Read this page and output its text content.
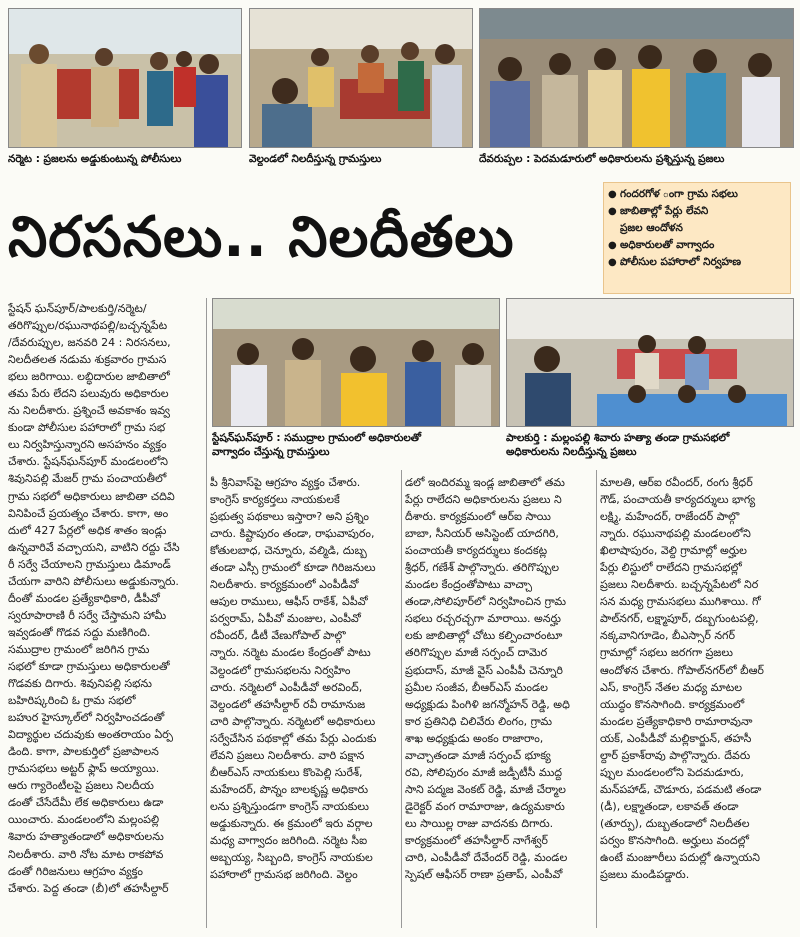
నర్మెట : ప్రజలను అడ్డుకుంటున్న పోలీసులు	వెల్దండలో నిలదీస్తున్న గ్రామస్తులు	దేవరుప్పల : పెదమడూరులో అధికారులను ప్రశ్నిస్తున్న ప్రజలు
నిరసనలు.. నిలదీతలు
● గందరగోళ ంగా గ్రామ సభలు
● జాబితాల్లో పేర్లు లేవని
ప్రజల ఆందోళన
● అధికారులతో వాగ్వాదం
● పోలీసుల పహారాలో నిర్వహణ
స్టేషన్‌ఘన్‌పూర్ : సముద్రాల గ్రామంలో అధికారులతో
వాగ్వాదం చేస్తున్న గ్రామస్తులు
పాలకుర్తి : మల్లంపల్లి శివారు హత్యా తండా గ్రామసభలో
అధికారులను నిలదీస్తున్న ప్రజలు

స్టేషన్ ఘన్‌పూర్/పాలకుర్తి/నర్మెట/

తరిగొప్పుల/రఘునాథపల్లి/బచ్చన్నపేట

/దేవరుప్పుల, జనవరి 24 : నిరసనలు,

నిలదీతలత నడుమ శుక్రవారం గ్రామస

భలు జరిగాయి. లబ్ధిదారుల జాబితాలో

తమ పేరు లేదని పలువురు అధికారుల

ను నిలదీశారు. ప్రశ్నించే అవకాశం ఇవ్వ

కుండా పోలీసుల పహారాలో గ్రామ సభ

లు నిర్వహిస్తున్నారని అసహనం వ్యక్తం

చేశారు. స్టేషన్‌ఘన్‌పూర్ మండలంలోని

శివునిపల్లి మేజర్ గ్రామ పంచాయతీలో

గ్రామ సభలో అధికారులు జాబితా చదివి

వినిపించే ప్రయత్నం చేశారు. కాగా, అం

దులో 427 పేర్లలో అధిక శాతం ఇండ్లు

ఉన్నవారివే వచ్చాయని, వాటిని రద్దు చేసి

రీ సర్వే చేయాలని గ్రామస్తులు డిమాండ్

చేయగా వారిని పోలీసులు అడ్డుకున్నారు.

దీంతో మండల ప్రత్యేకాధికారి, డీపీవో

స్వరూపారాణి రీ సర్వే చేస్తామని హామీ

ఇవ్వడంతో గొడవ సద్దు మణిగింది.

సముద్రాల గ్రామంలో జరిగిన గ్రామ

సభలో కూడా గ్రామస్తులు అధికారులతో

గొడవకు దిగారు. శివునిపల్లి సభను

బహిరిష్కరించి ఓ గ్రామ సభలో

బహుర హైస్కూల్‌లో నిర్వహించడంతో

విద్యార్థుల చదువుకు అంతరాయం ఏర్ప

డింది. కాగా, పాలకుర్తిలో ప్రజాపాలన

గ్రామసభలు అట్టర్ ఫ్లాప్ అయ్యాయి.

ఆరు గ్యారెంటీలపై ప్రజలు నిలదీయ

డంతో చేసేదేమీ లేక అధికారులు ఉడా

యించారు. మండలంలోని మల్లంపల్లి

శివారు హత్యాతండాలో అధికారులను

నిలదీశారు. వారి నోట మాట రాకపోవ

డంతో గిరిజనులు ఆగ్రహం వ్యక్తం

చేశారు. పెద్ద తండా (బీ)లో తహసీల్దార్

పీ శ్రీనివాస్‌పై ఆగ్రహం వ్యక్తం చేశారు.

కాంగ్రెస్ కార్యకర్తలు నాయకులకే

ప్రభుత్వ పథకాలు ఇస్తారా? అని ప్రశ్నిం

చారు. కిష్టాపురం తండా, రాఘవాపురం,

కోతులబాధ, చెన్నూరు, వల్మిడి, దుబ్బ

తండా ఎస్సీ గ్రామంలో కూడా గిరిజనులు

నిలదీశారు. కార్యక్రమంలో ఎంపీడీవో

ఆపుల రాములు, ఆఫీస్ రాకేశ్, ఏపీవో

పర్వరామ్, ఏపీవో మంజుల, ఎంపీవో

రవీందర్, డీటీ వేణుగోపాల్ పాల్గొ

న్నారు. నర్మెట మండల కేంద్రంతో పాటు

వెల్దండలో గ్రామసభలను నిర్వహిం

చారు. నర్మెటలో ఎంపీడీవో అరవింద్,

వెల్దండలో తహసీల్దార్ రవీ రామానుజ

చారి పాల్గొన్నారు. నర్మెటలో అధికారులు

సర్వేచేసిన పథకాల్లో తమ పేర్లు ఎందుకు

లేవని ప్రజలు నిలదీశారు. వారి పక్షాన

బీఆర్‌ఎస్ నాయకులు కొంపెల్లి సురేశ్,

మహేందర్, పొన్నం బాలకృష్ణ అధికారు

లను ప్రశ్నిస్తుండగా కాంగ్రెస్ నాయకులు

అడ్డుకున్నారు. ఈ క్రమంలో ఇరు వర్గాల

మధ్య వాగ్వాదం జరిగింది. నర్మెట సీఐ

అబ్బయ్య, సిబ్బంది, కాంగ్రెస్ నాయకుల

పహారాలో గ్రామసభ జరిగింది. వెల్దం

డలో ఇందిరమ్మ ఇండ్ల జాబితాలో తమ

పేర్లు రాలేదని అధికారులను ప్రజలు ని

దీశారు. కార్యక్రమంలో ఆర్‌ఐ సాయి

బాబా, సీనియర్ అసిస్టెంట్ యాదగిరి,

పంచాయతీ కార్యదర్శులు కందకట్ల

శ్రీధర్, గణేశ్ పాల్గొన్నారు. తరిగొప్పుల

మండల కేంద్రంతోపాటు వాచ్చా

తండా,సోలిపూర్‌లో నిర్వహించిన గ్రామ

సభలు రచ్చరచ్చగా మారాయి. అనర్హు

లకు జాబితాల్లో చోటు కల్పించారంటూ

తరిగొప్పుల మాజీ సర్పంచ్ దామెర

ప్రభుదాస్, మాజీ వైస్ ఎంపీపీ చెన్నూరి

ప్రమీల సంజీవ, బీఆర్‌ఎస్ మండల

అధ్యక్షుడు పింగిళి జగన్మోహన్ రెడ్డి, అధి

కార ప్రతినిధి చిలివేరు లింగం, గ్రామ

శాఖ అధ్యక్షుడు అంకం రాజారాం,

వాచ్చాతండా మాజీ సర్పంచ్ భూక్య

రవి, సోలిపురం మాజీ జడ్పీటీసీ ముద్ద

సాని పద్మజ వెంకట్ రెడ్డి, మాజీ చేర్మాల

డైరెక్టర్ వంగ రామారాజు, ఉద్యమకారు

లు సాయిల్ల రాజు వాదనకు దిగారు.

కార్యక్రమంలో తహసీల్దార్ నాగేశ్వర్

చారి, ఎంపీడీవో దేవేందర్ రెడ్డి, మండల

స్పెషల్ ఆఫీసర్ రాణా ప్రతాప్, ఎంపీవో

మాలతి, ఆర్‌ఐ రవీందర్, రంగు శ్రీధర్

గౌడ్, పంచాయతీ కార్యదర్శులు భాగ్య

లక్ష్మి, మహేందర్, రాజేందర్ పాల్గొ

న్నారు. రఘునాథపల్లి మండలంలోని

ఖిలాషాపురం, వెల్ది గ్రామాల్లో అర్హుల

పేర్లు లిస్టులో రాలేదని గ్రామసభల్లో

ప్రజలు నిలదీశారు. బచ్చన్నపేటలో నిర

సన మధ్య గ్రామసభలు ముగిశాయి. గో

పాల్‌నగర్, లక్ష్మాపూర్, దబ్బగుంటపల్లి,

నక్కవానిగూడెం, బీఎస్సార్ నగర్

గ్రామాల్లో సభలు జరగగా ప్రజలు

ఆందోళన చేశారు. గోపాల్‌నగర్‌లో బీఆర్

ఎస్, కాంగ్రెస్ నేతల మధ్య మాటల

యుద్ధం కొనసాగింది. కార్యక్రమంలో

మండల ప్రత్యేకాధికారి రామారావునా

యక్, ఎంపీడీవో మల్లికార్జున్, తహసీ

ల్దార్ ప్రకాశ్‌రావు పాల్గొన్నారు. దేవరు

ప్పుల మండలంలోని పెదమడూరు,

మన్‌పహాడ్, చౌడూరు, పడమటి తండా

(డీ), లక్ష్మాతండా, లకావత్ తండా

(తూర్పు), దుబ్బతండాలో నిలదీతల

పర్వం కొనసాగింది. అర్హులు వందల్లో

ఉంటే మంజూరీలు పదుల్లో ఉన్నాయని

ప్రజలు మండిపడ్డారు.
